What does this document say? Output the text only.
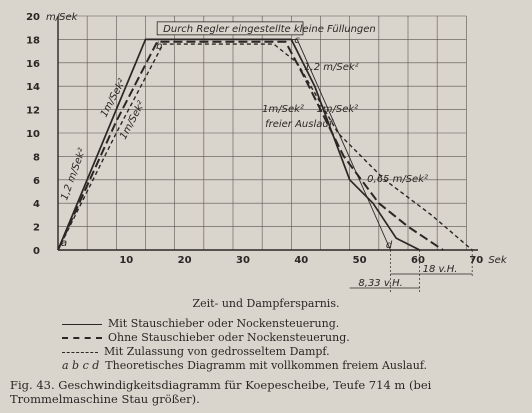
0
2
4
6
8
10
12
14
16
18
20 m/Sek
10	20	30	40	50	60	70 Sek
Durch Regler eingestellte kleine Füllungen
a
b
c
d
1,2 m/Sek²
1m/Sek²
1m/Sek²
1,2 m/Sek²
1m/Sek² 1m/Sek²
freier Auslauf
0,65 m/Sek²
18 v.H.
8,33 v.H.
Zeit- und Dampfersparnis.
Mit Stauschieber oder Nockensteuerung.
Ohne Stauschieber oder Nockensteuerung.
Mit Zulassung von gedrosseltem Dampf.
a b c d Theoretisches Diagramm mit vollkommen freiem Auslauf.
Fig. 43. Geschwindigkeitsdiagramm für Koepescheibe, Teufe 714 m (bei Trommelmaschine Stau größer).
